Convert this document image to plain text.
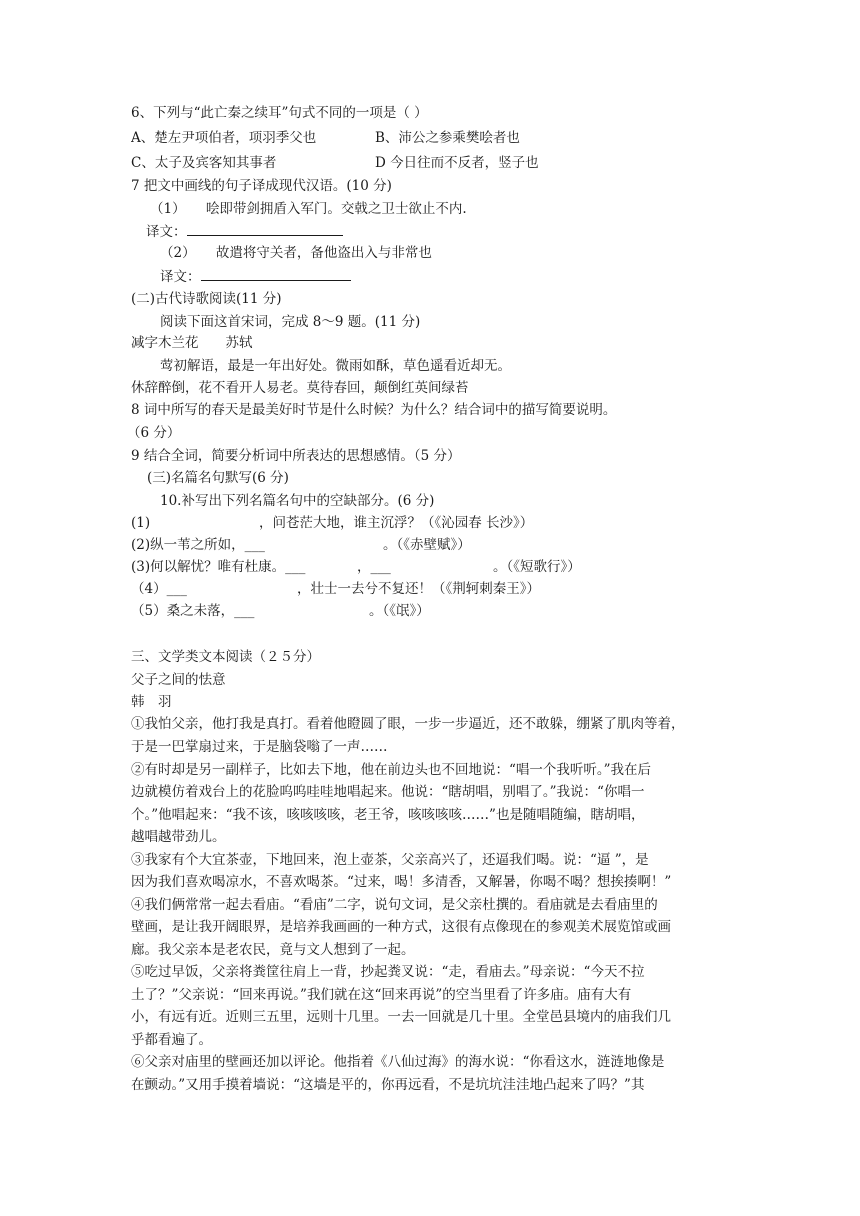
6、下列与“此亡秦之续耳”句式不同的一项是（ ）
A、楚左尹项伯者，项羽季父也	B、沛公之参乘樊哙者也
C、太子及宾客知其事者	D 今日往而不反者，竖子也
7 把文中画线的句子译成现代汉语。(10 分)
（1）　　哙即带剑拥盾入军门。交戟之卫士欲止不内.
译文：
（2）　　故遣将守关者，备他盗出入与非常也
译文：
(二)古代诗歌阅读(11 分)
阅读下面这首宋词，完成 8～9 题。(11 分)
减字木兰花　　苏轼
莺初解语，最是一年出好处。微雨如酥，草色遥看近却无。
休辞醉倒，花不看开人易老。莫待春回，颠倒红英间绿苔
8 词中所写的春天是最美好时节是什么时候？为什么？结合词中的描写简要说明。
（6 分）
9 结合全词，简要分析词中所表达的思想感情。（5 分）
(三)名篇名句默写(6 分)
10.补写出下列名篇名句中的空缺部分。(6 分)
(1)	，问苍茫大地，谁主沉浮？（《沁园春 长沙》）
(2)纵一苇之所如，___	。（《赤壁赋》）
(3)何以解忧？唯有杜康。___	，___	。（《短歌行》）
（4）___	，壮士一去兮不复还！（《荆轲刺秦王》）
（5）桑之未落，___	。（《氓》）
三、文学类文本阅读（２５分）
父子之间的怯意
韩　羽
①我怕父亲，他打我是真打。看着他瞪圆了眼，一步一步逼近，还不敢躲，绷紧了肌肉等着，
于是一巴掌扇过来，于是脑袋嗡了一声……
②有时却是另一副样子，比如去下地，他在前边头也不回地说：“唱一个我听听。”我在后
边就模仿着戏台上的花脸呜呜哇哇地唱起来。他说：“瞎胡唱，别唱了。”我说：“你唱一
个。”他唱起来：“我不该，咳咳咳咳，老王爷，咳咳咳咳……”也是随唱随编，瞎胡唱，
越唱越带劲儿。
③我家有个大宜茶壶，下地回来，泡上壶茶，父亲高兴了，还逼我们喝。说：“逼 ”，是
因为我们喜欢喝凉水，不喜欢喝茶。“过来，喝！多清香，又解暑，你喝不喝？想挨揍啊！”
④我们俩常常一起去看庙。“看庙”二字，说句文词，是父亲杜撰的。看庙就是去看庙里的
壁画，是让我开阔眼界，是培养我画画的一种方式，这很有点像现在的参观美术展览馆或画
廊。我父亲本是老农民，竟与文人想到了一起。
⑤吃过早饭，父亲将粪筐往肩上一背，抄起粪叉说：“走，看庙去。”母亲说：“今天不拉
土了？”父亲说：“回来再说。”我们就在这“回来再说”的空当里看了许多庙。庙有大有
小，有远有近。近则三五里，远则十几里。一去一回就是几十里。全堂邑县境内的庙我们几
乎都看遍了。
⑥父亲对庙里的壁画还加以评论。他指着《八仙过海》的海水说：“你看这水，涟涟地像是
在颤动。”又用手摸着墙说：“这墙是平的，你再远看，不是坑坑洼洼地凸起来了吗？”其
